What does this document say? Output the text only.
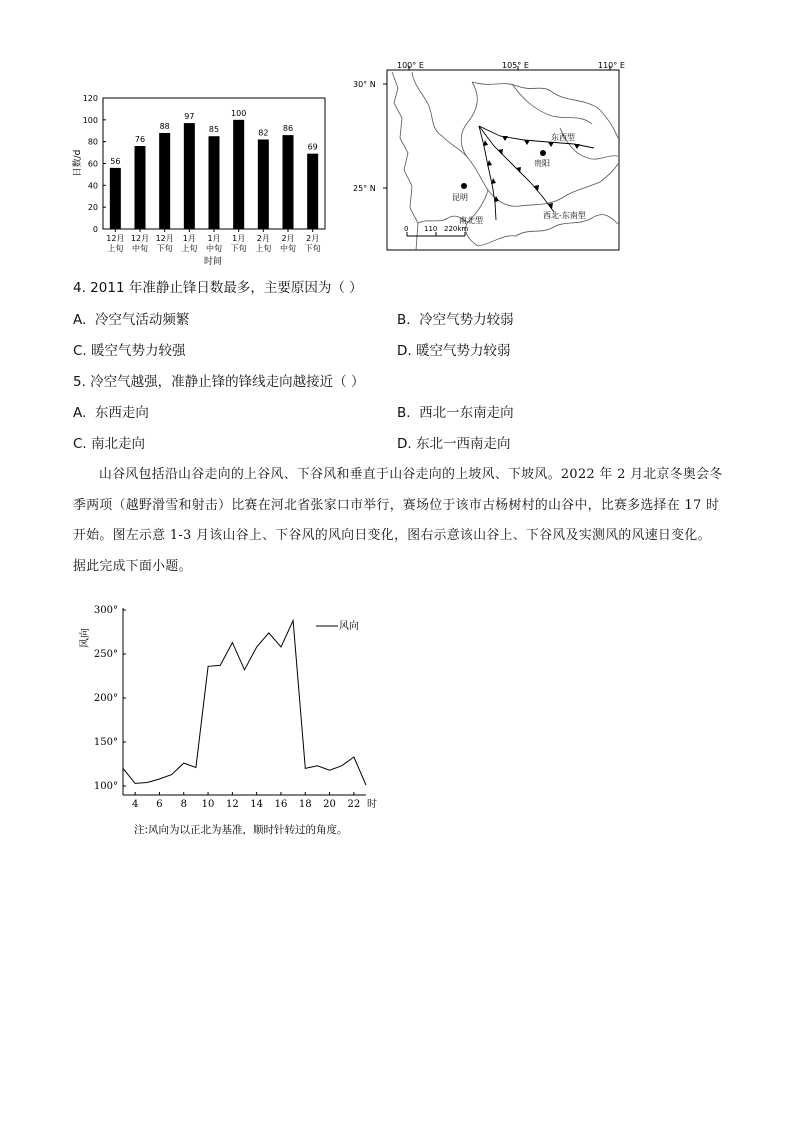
0
20
40
60
80
100
120
日数/d	56
76
88
97
85
100
82 86
69
12月
上旬
12月
中旬
12月
下旬
1月
上旬
1月
中旬
1月
下旬
2月
上旬
2月
中旬
2月
下旬
时间
100° E	105° E	110° E
30° N
25° N
贵阳
昆明
东西型
南北型
西北-东南型
0 110 220km
4. 2011 年准静止锋日数最多，主要原因为（ ）
A. 冷空气活动频繁	B. 冷空气势力较弱
C. 暖空气势力较强	D. 暖空气势力较弱
5. 冷空气越强，准静止锋的锋线走向越接近（ ）
A. 东西走向	B. 西北一东南走向
C. 南北走向	D. 东北一西南走向
山谷风包括沿山谷走向的上谷风、下谷风和垂直于山谷走向的上坡风、下坡风。2022 年 2 月北京冬奥会冬季两项（越野滑雪和射击）比赛在河北省张家口市举行，赛场位于该市古杨树村的山谷中，比赛多选择在 17 时开始。图左示意 1-3 月该山谷上、下谷风的风向日变化，图右示意该山谷上、下谷风及实测风的风速日变化。据此完成下面小题。
风向
100°
150°
200°
250°
300°
4 6 8 10 12 14 16 18 20 22 时
风向
注:风向为以正北为基准，顺时针转过的角度。
